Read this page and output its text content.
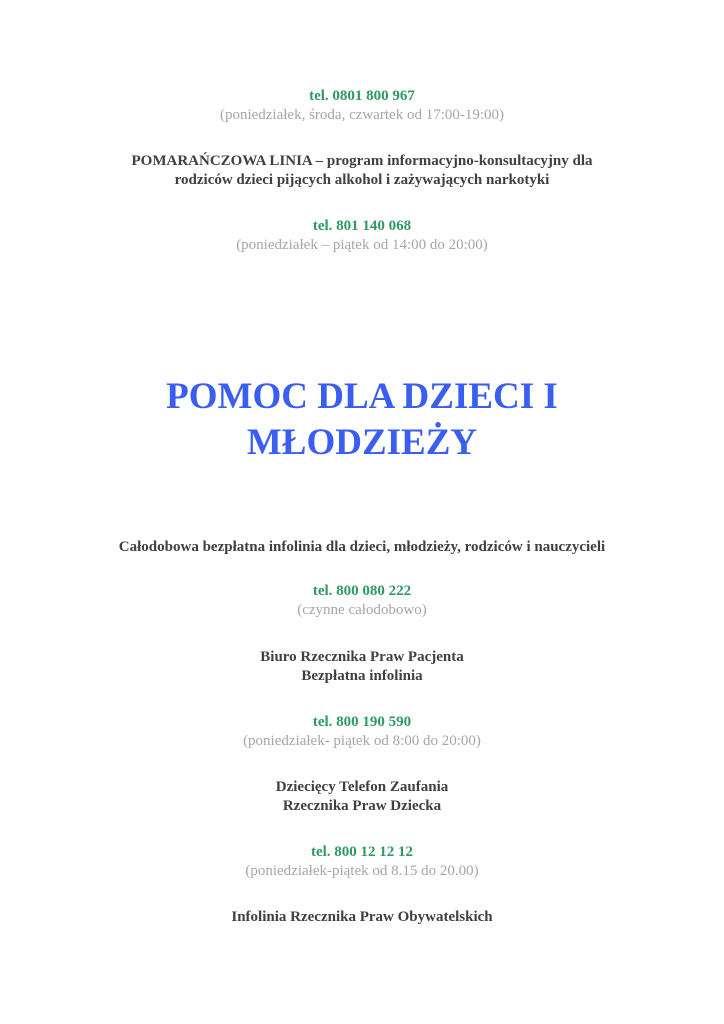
tel. 0801 800 967
(poniedziałek, środa, czwartek od 17:00-19:00)
POMARAŃCZOWA LINIA – program informacyjno-konsultacyjny dla
rodziców dzieci pijących alkohol i zażywających narkotyki
tel. 801 140 068
(poniedziałek – piątek od 14:00 do 20:00)
POMOC DLA DZIECI I
MŁODZIEŻY
Całodobowa bezpłatna infolinia dla dzieci, młodzieży, rodziców i nauczycieli
tel. 800 080 222
(czynne całodobowo)
Biuro Rzecznika Praw Pacjenta
Bezpłatna infolinia
tel. 800 190 590
(poniedziałek- piątek od 8:00 do 20:00)
Dziecięcy Telefon Zaufania
Rzecznika Praw Dziecka
tel. 800 12 12 12
(poniedziałek-piątek od 8.15 do 20.00)
Infolinia Rzecznika Praw Obywatelskich
